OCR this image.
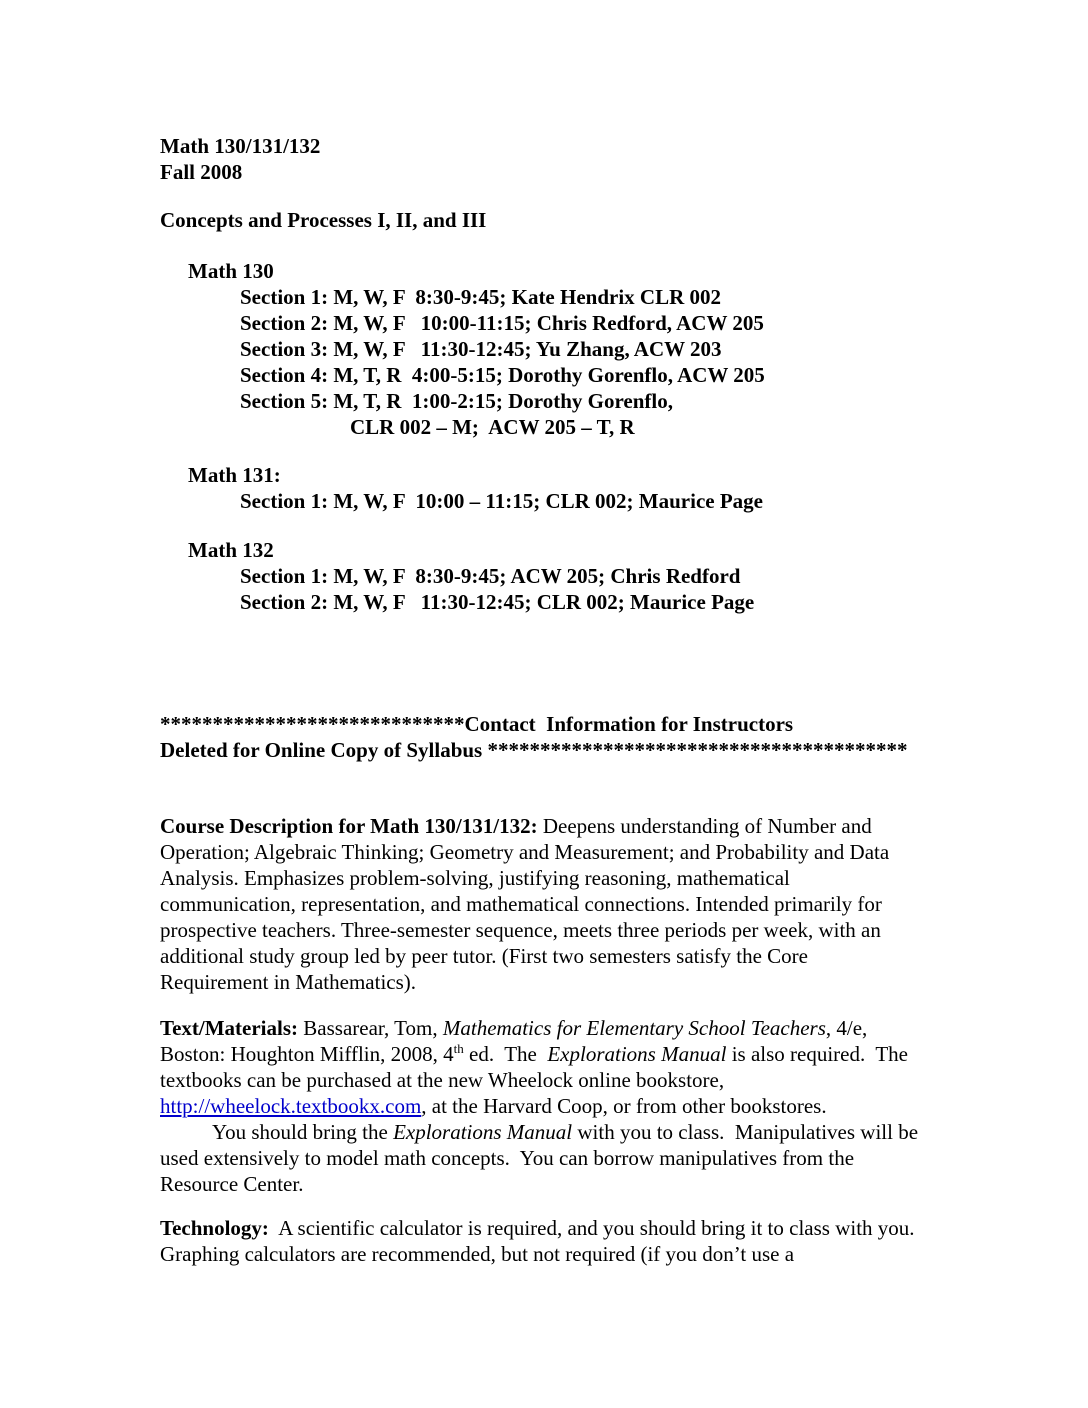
Math 130/131/132
Fall 2008
Concepts and Processes I, II, and III
Math 130
Section 1: M, W, F  8:30-9:45; Kate Hendrix CLR 002
Section 2: M, W, F   10:00-11:15; Chris Redford, ACW 205
Section 3: M, W, F   11:30-12:45; Yu Zhang, ACW 203
Section 4: M, T, R  4:00-5:15; Dorothy Gorenflo, ACW 205
Section 5: M, T, R  1:00-2:15; Dorothy Gorenflo,
CLR 002 – M;  ACW 205 – T, R
Math 131:
Section 1: M, W, F  10:00 – 11:15; CLR 002; Maurice Page
Math 132
Section 1: M, W, F  8:30-9:45; ACW 205; Chris Redford
Section 2: M, W, F   11:30-12:45; CLR 002; Maurice Page
*****************************Contact  Information for Instructors
Deleted for Online Copy of Syllabus ****************************************

Course Description for Math 130/131/132: Deepens understanding of Number and Operation; Algebraic Thinking; Geometry and Measurement; and Probability and Data Analysis. Emphasizes problem-solving, justifying reasoning, mathematical communication, representation, and mathematical connections. Intended primarily for prospective teachers. Three-semester sequence, meets three periods per week, with an additional study group led by peer tutor. (First two semesters satisfy the Core Requirement in Mathematics).

Text/Materials: Bassarear, Tom, Mathematics for Elementary School Teachers, 4/e, Boston: Houghton Mifflin, 2008, 4th ed.  The  Explorations Manual is also required.  The textbooks can be purchased at the new Wheelock online bookstore, http://wheelock.textbookx.com, at the Harvard Coop, or from other bookstores.

You should bring the Explorations Manual with you to class.  Manipulatives will be used extensively to model math concepts.  You can borrow manipulatives from the Resource Center.

Technology:  A scientific calculator is required, and you should bring it to class with you.  Graphing calculators are recommended, but not required (if you don’t use a
